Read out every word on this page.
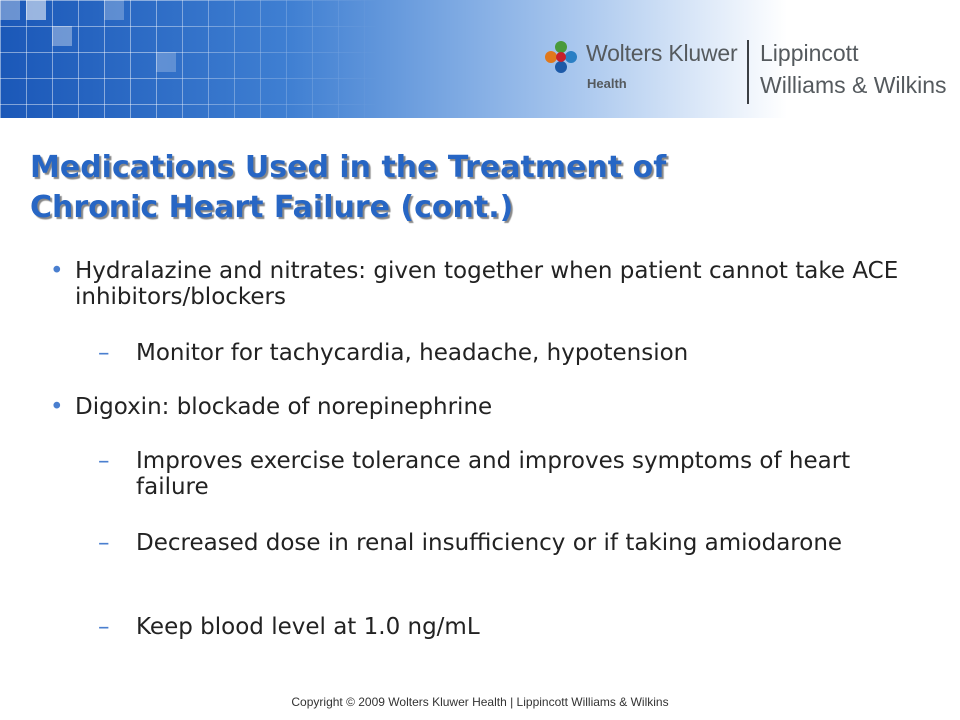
Wolters Kluwer
Health
Lippincott
Williams & Wilkins
Medications Used in the Treatment of
Chronic Heart Failure (cont.)
• Hydralazine and nitrates: given together when patient cannot take ACE inhibitors/blockers
– Monitor for tachycardia, headache, hypotension
• Digoxin: blockade of norepinephrine
– Improves exercise tolerance and improves symptoms of heart failure
– Decreased dose in renal insufficiency or if taking amiodarone
– Keep blood level at 1.0 ng/mL
Copyright © 2009 Wolters Kluwer Health | Lippincott Williams & Wilkins
